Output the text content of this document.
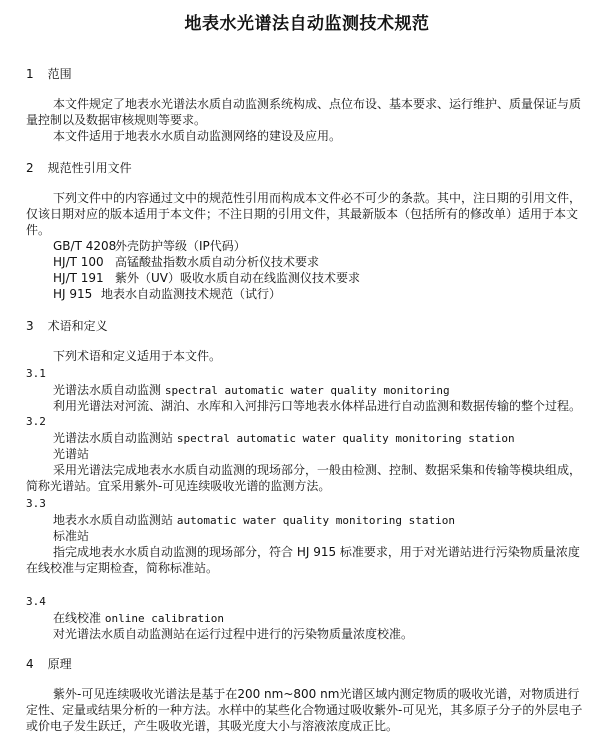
地表水光谱法自动监测技术规范
1 范围
本文件规定了地表水光谱法水质自动监测系统构成、点位布设、基本要求、运行维护、质量保证与质量控制以及数据审核规则等要求。
本文件适用于地表水水质自动监测网络的建设及应用。
2 规范性引用文件
下列文件中的内容通过文中的规范性引用而构成本文件必不可少的条款。其中，注日期的引用文件，仅该日期对应的版本适用于本文件；不注日期的引用文件，其最新版本（包括所有的修改单）适用于本文件。
GB/T 4208外壳防护等级（IP代码）
HJ/T 100 高锰酸盐指数水质自动分析仪技术要求
HJ/T 191 紫外（UV）吸收水质自动在线监测仪技术要求
HJ 915 地表水自动监测技术规范（试行）
3 术语和定义
下列术语和定义适用于本文件。
3.1
光谱法水质自动监测 spectral automatic water quality monitoring
利用光谱法对河流、湖泊、水库和入河排污口等地表水体样品进行自动监测和数据传输的整个过程。
3.2
光谱法水质自动监测站 spectral automatic water quality monitoring station
光谱站
采用光谱法完成地表水水质自动监测的现场部分，一般由检测、控制、数据采集和传输等模块组成，简称光谱站。宜采用紫外-可见连续吸收光谱的监测方法。
3.3
地表水水质自动监测站 automatic water quality monitoring station
标准站
指完成地表水水质自动监测的现场部分，符合 HJ 915 标准要求，用于对光谱站进行污染物质量浓度在线校准与定期检查，简称标准站。
3.4
在线校准 online calibration
对光谱法水质自动监测站在运行过程中进行的污染物质量浓度校准。
4 原理
紫外-可见连续吸收光谱法是基于在200 nm~800 nm光谱区域内测定物质的吸收光谱，对物质进行定性、定量或结果分析的一种方法。水样中的某些化合物通过吸收紫外-可见光，其多原子分子的外层电子或价电子发生跃迁，产生吸收光谱，其吸光度大小与溶液浓度成正比。
